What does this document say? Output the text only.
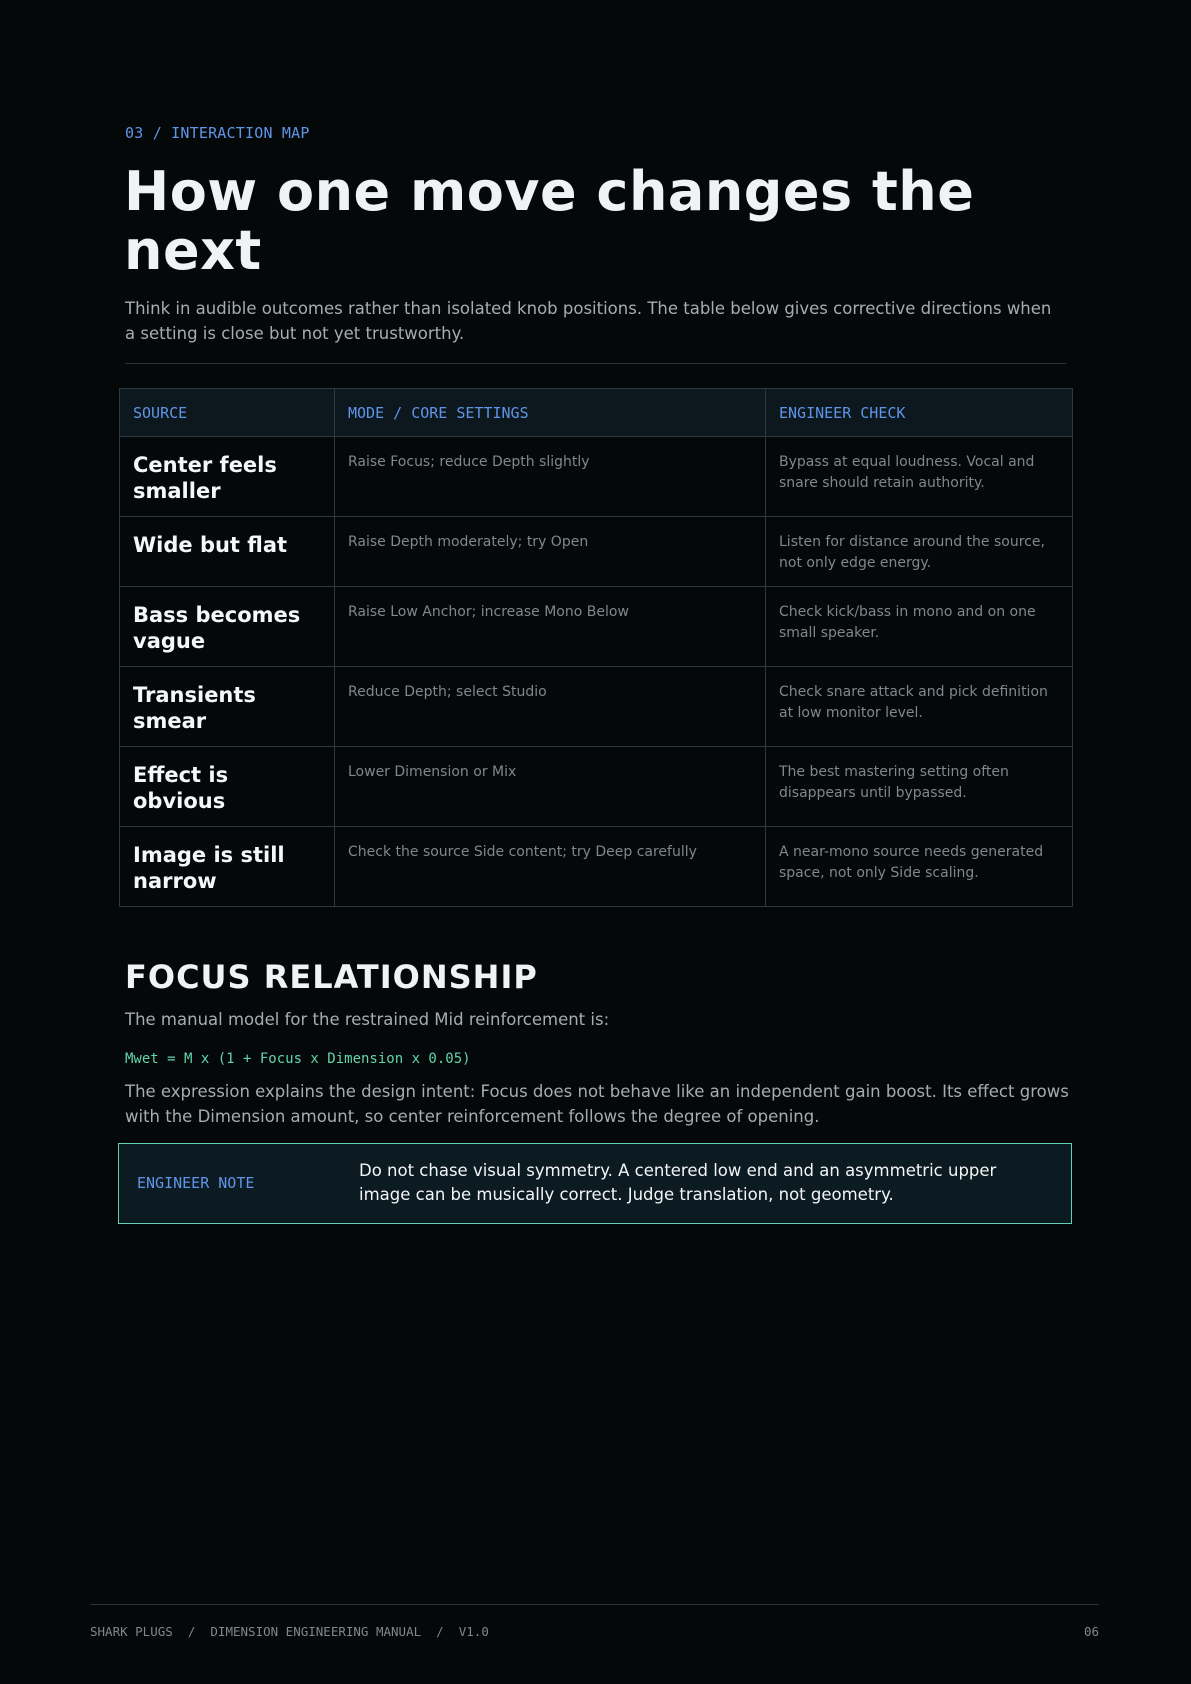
03 / INTERACTION MAP
How one move changes the next

Think in audible outcomes rather than isolated knob positions. The table below gives corrective directions when a setting is close but not yet trustworthy.

SOURCE	MODE / CORE SETTINGS	ENGINEER CHECK
Center feels smaller	Raise Focus; reduce Depth slightly	Bypass at equal loudness. Vocal and snare should retain authority.
Wide but flat	Raise Depth moderately; try Open	Listen for distance around the source, not only edge energy.
Bass becomes vague	Raise Low Anchor; increase Mono Below	Check kick/bass in mono and on one small speaker.
Transients smear	Reduce Depth; select Studio	Check snare attack and pick definition at low monitor level.
Effect is obvious	Lower Dimension or Mix	The best mastering setting often disappears until bypassed.
Image is still narrow	Check the source Side content; try Deep carefully	A near-mono source needs generated space, not only Side scaling.
FOCUS RELATIONSHIP

The manual model for the restrained Mid reinforcement is:

Mwet = M x (1 + Focus x Dimension x 0.05)

The expression explains the design intent: Focus does not behave like an independent gain boost. Its effect grows with the Dimension amount, so center reinforcement follows the degree of opening.

ENGINEER NOTE
Do not chase visual symmetry. A centered low end and an asymmetric upper image can be musically correct. Judge translation, not geometry.
SHARK PLUGS  /  DIMENSION ENGINEERING MANUAL  /  V1.0	06
